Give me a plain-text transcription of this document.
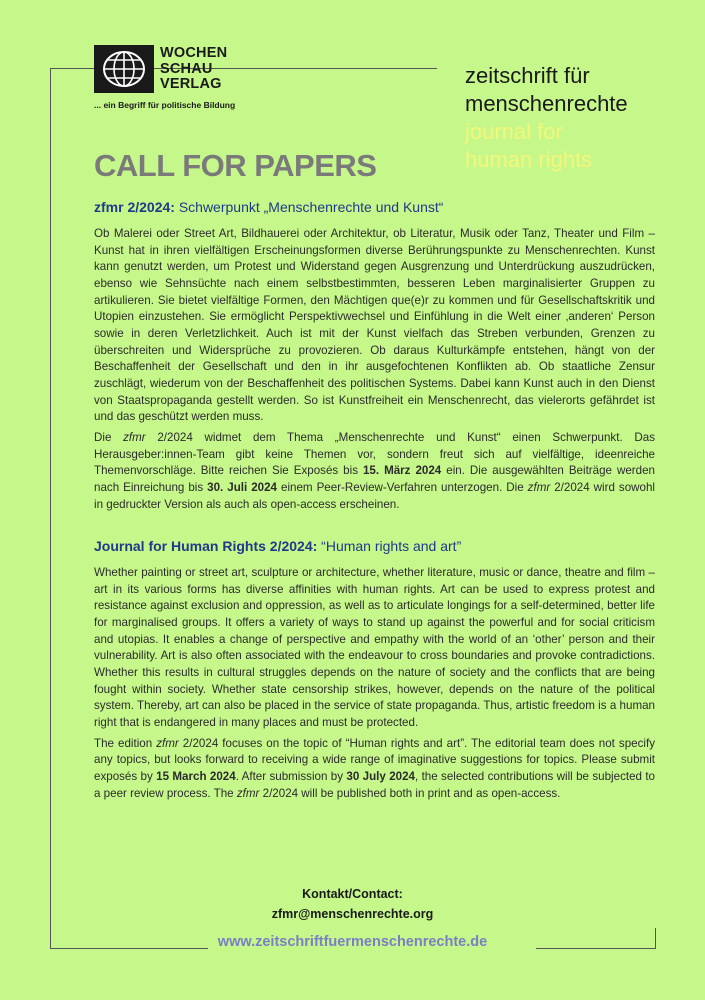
WOCHEN
SCHAU
VERLAG
... ein Begriff für politische Bildung
zeitschrift für
menschenrechte
journal for
human rights
CALL FOR PAPERS
zfmr 2/2024: Schwerpunkt „Menschenrechte und Kunst“

Ob Malerei oder Street Art, Bildhauerei oder Architektur, ob Literatur, Musik oder Tanz, Theater und Film – Kunst hat in ihren vielfältigen Erscheinungsformen diverse Berührungspunkte zu Menschenrechten. Kunst kann genutzt werden, um Protest und Widerstand gegen Ausgrenzung und Unterdrückung auszudrücken, ebenso wie Sehnsüchte nach einem selbstbestimmten, besseren Leben marginalisierter Gruppen zu artikulieren. Sie bietet vielfältige Formen, den Mächtigen que(e)r zu kommen und für Gesellschaftskritik und Utopien einzustehen. Sie ermöglicht Perspektivwechsel und Einfühlung in die Welt einer ‚anderen‘ Person sowie in deren Verletzlichkeit. Auch ist mit der Kunst vielfach das Streben verbunden, Grenzen zu überschreiten und Widersprüche zu provozieren. Ob daraus Kulturkämpfe entstehen, hängt von der Beschaffenheit der Gesellschaft und den in ihr ausgefochtenen Konflikten ab. Ob staatliche Zensur zuschlägt, wiederum von der Beschaffenheit des politischen Systems. Dabei kann Kunst auch in den Dienst von Staatspropaganda gestellt werden. So ist Kunstfreiheit ein Menschenrecht, das vielerorts gefährdet ist und das geschützt werden muss.

Die zfmr 2/2024 widmet dem Thema „Menschenrechte und Kunst“ einen Schwerpunkt. Das Herausgeber:innen-Team gibt keine Themen vor, sondern freut sich auf vielfältige, ideenreiche Themenvorschläge. Bitte reichen Sie Exposés bis 15. März 2024 ein. Die ausgewählten Beiträge werden nach Einreichung bis 30. Juli 2024 einem Peer-Review-Verfahren unterzogen. Die zfmr 2/2024 wird sowohl in gedruckter Version als auch als open-access erscheinen.

Journal for Human Rights 2/2024: “Human rights and art”

Whether painting or street art, sculpture or architecture, whether literature, music or dance, theatre and film – art in its various forms has diverse affinities with human rights. Art can be used to express protest and resistance against exclusion and oppression, as well as to articulate longings for a self-determined, better life for marginalised groups. It offers a variety of ways to stand up against the powerful and for social criticism and utopias. It enables a change of perspective and empathy with the world of an ‘other’ person and their vulnerability. Art is also often associated with the endeavour to cross boundaries and provoke contradictions. Whether this results in cultural struggles depends on the nature of society and the conflicts that are being fought within society. Whether state censorship strikes, however, depends on the nature of the political system. Thereby, art can also be placed in the service of state propaganda. Thus, artistic freedom is a human right that is endangered in many places and must be protected.

The edition zfmr 2/2024 focuses on the topic of “Human rights and art”. The editorial team does not specify any topics, but looks forward to receiving a wide range of imaginative suggestions for topics. Please submit exposés by 15 March 2024. After submission by 30 July 2024, the selected contributions will be subjected to a peer review process. The zfmr 2/2024 will be published both in print and as open-access.

Kontakt/Contact:
zfmr@menschenrechte.org
www.zeitschriftfuermenschenrechte.de
